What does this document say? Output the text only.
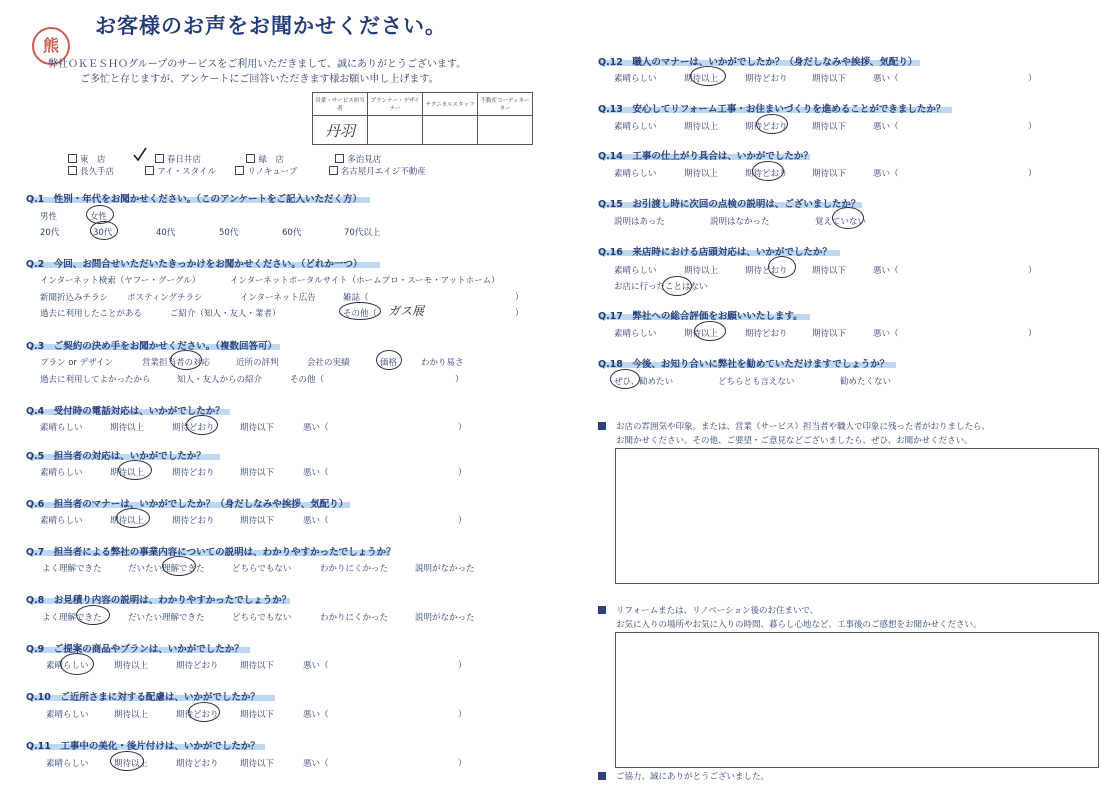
熊
お客様のお声をお聞かせください。
弊社ＯＫＥＳＨＯグループのサービスをご利用いただきまして、誠にありがとうございます。
ご多忙と存じますが、アンケートにご回答いただきます様お願い申し上げます。
営業・サービス担当者	プランナー・デザイナー	テクニカルスタッフ	不動産コーディネーター
丹羽			
東　店	春日井店	緑　店	多治見店
長久手店	アイ・スタイル	リノキューブ	名古屋月エイジ不動産
Q.1　性別・年代をお聞かせください。（このアンケートをご記入いただく方）
男性	女性
20代	30代	40代	50代	60代	70代以上
Q.2　今回、お問合せいただいたきっかけをお聞かせください。（どれか一つ）
インターネット検索（ヤフー・グーグル）	インターネットポータルサイト（ホームプロ・スーモ・アットホーム）
新聞折込みチラシ ポスティングチラシ	インターネット広告	雑誌（	）
過去に利用したことがある	ご紹介（知人・友人・業者）	その他（	）
ガス展
Q.3　ご契約の決め手をお聞かせください。（複数回答可）
プラン or デザイン	営業担当者の対応	近所の評判	会社の実績	価格	わかり易さ
過去に利用してよかったから	知人・友人からの紹介	その他（	）
Q.4　受付時の電話対応は、いかがでしたか？
素晴らしい	期待以上	期待どおり	期待以下	悪い（	）
Q.5　担当者の対応は、いかがでしたか？
素晴らしい	期待以上	期待どおり	期待以下	悪い（	）
Q.6　担当者のマナーは、いかがでしたか？（身だしなみや挨拶、気配り）
素晴らしい	期待以上	期待どおり	期待以下	悪い（	）
Q.7　担当者による弊社の事業内容についての説明は、わかりやすかったでしょうか？
よく理解できた	だいたい理解できた	どちらでもない	わかりにくかった	説明がなかった
Q.8　お見積り内容の説明は、わかりやすかったでしょうか？
よく理解できた	だいたい理解できた	どちらでもない	わかりにくかった	説明がなかった
Q.9　ご提案の商品やプランは、いかがでしたか？
素晴らしい	期待以上	期待どおり	期待以下	悪い（	）
Q.10　ご近所さまに対する配慮は、いかがでしたか？
素晴らしい	期待以上	期待どおり	期待以下	悪い（	）
Q.11　工事中の美化・後片付けは、いかがでしたか？
素晴らしい	期待以上	期待どおり	期待以下	悪い（	）
Q.12　職人のマナーは、いかがでしたか？（身だしなみや挨拶、気配り）
素晴らしい	期待以上	期待どおり	期待以下	悪い（	）
Q.13　安心してリフォーム工事・お住まいづくりを進めることができましたか？
素晴らしい	期待以上	期待どおり	期待以下	悪い（	）
Q.14　工事の仕上がり具合は、いかがでしたか？
素晴らしい	期待以上	期待どおり	期待以下	悪い（	）
Q.15　お引渡し時に次回の点検の説明は、ございましたか？
説明はあった	説明はなかった	覚えていない
Q.16　来店時における店頭対応は、いかがでしたか？
素晴らしい	期待以上	期待どおり	期待以下	悪い（	）
お店に行ったことはない
Q.17　弊社への総合評価をお願いいたします。
素晴らしい	期待以上	期待どおり	期待以下	悪い（	）
Q.18　今後、お知り合いに弊社を勧めていただけますでしょうか？
ぜひ、勧めたい	どちらとも言えない	勧めたくない
お店の雰囲気や印象。または、営業（サービス）担当者や職人で印象に残った者がおりましたら、
お聞かせください。その他、ご要望・ご意見などございましたら、ぜひ、お聞かせください。
リフォームまたは、リノベーション後のお住まいで、
お気に入りの場所やお気に入りの時間、暮らし心地など、工事後のご感想をお聞かせください。
ご協力、誠にありがとうございました。
